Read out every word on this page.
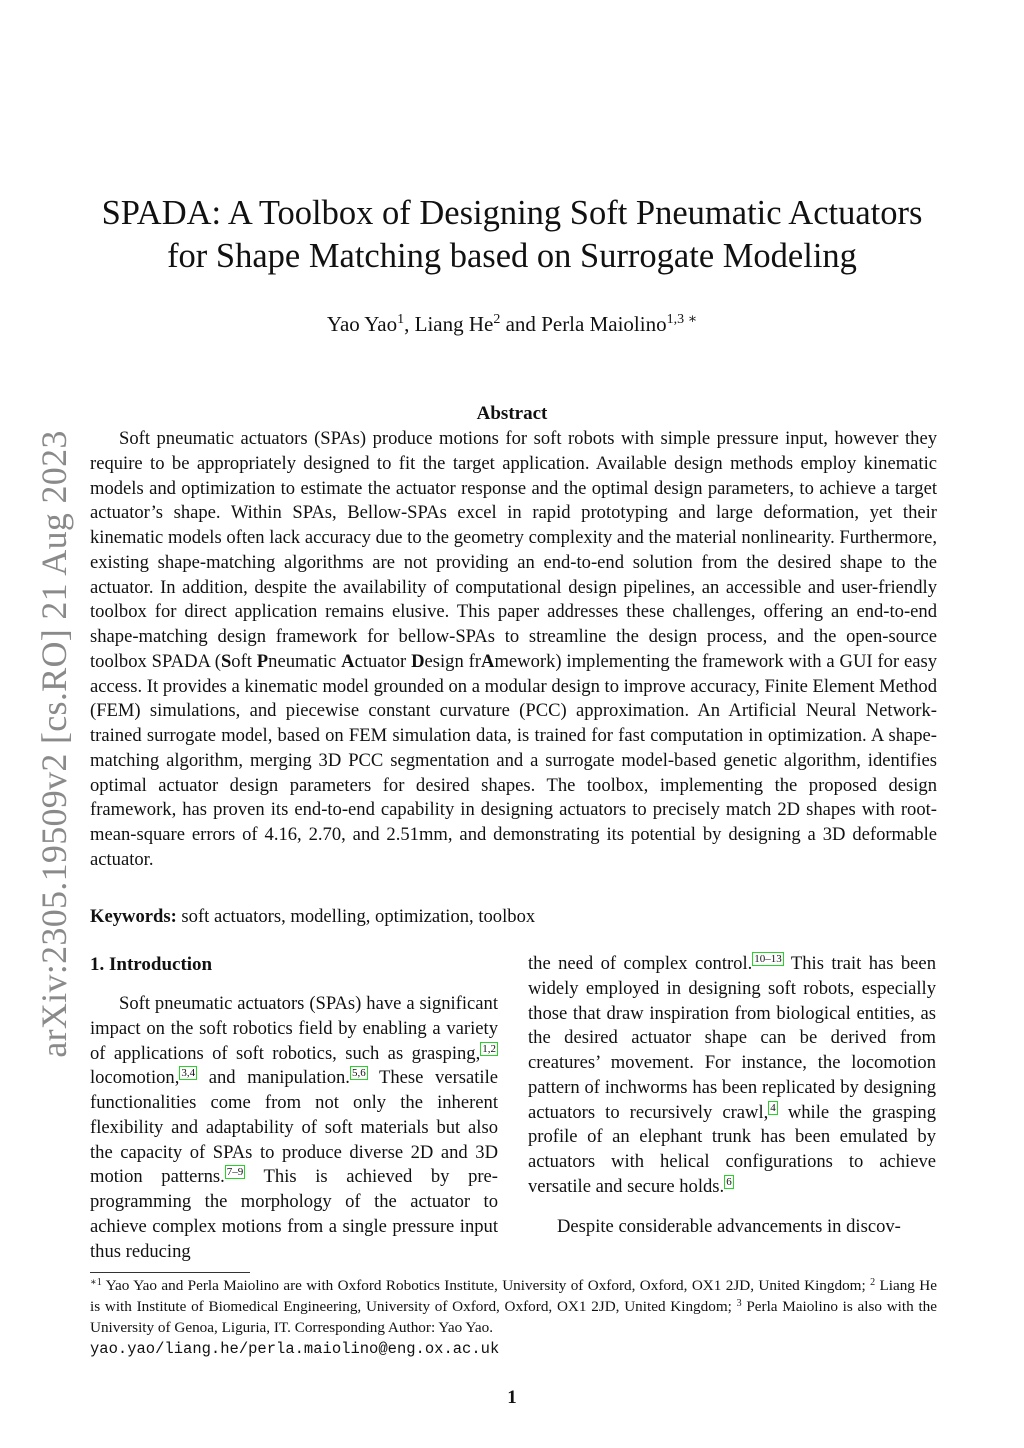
arXiv:2305.19509v2 [cs.RO] 21 Aug 2023
SPADA: A Toolbox of Designing Soft Pneumatic Actuators
for Shape Matching based on Surrogate Modeling
Yao Yao$^1$, Liang He$^2$ and Perla Maiolino$^{1,3}$ ∗
Abstract

Soft pneumatic actuators (SPAs) produce motions for soft robots with simple pressure input, however they require to be appropriately designed to fit the target application. Available design methods employ kinematic models and optimization to estimate the actuator response and the optimal design parameters, to achieve a target actuator’s shape. Within SPAs, Bellow-SPAs excel in rapid prototyping and large deformation, yet their kinematic models often lack accuracy due to the geometry complexity and the material nonlinearity. Furthermore, existing shape-matching algorithms are not providing an end-to-end solution from the desired shape to the actuator. In addition, despite the availability of computational design pipelines, an accessible and user-friendly toolbox for direct application remains elusive. This paper addresses these challenges, offering an end-to-end shape-matching design framework for bellow-SPAs to streamline the design process, and the open-source toolbox SPADA (Soft Pneumatic Actuator Design frAmework) implementing the framework with a GUI for easy access. It provides a kinematic model grounded on a modular design to improve accuracy, Finite Element Method (FEM) simulations, and piecewise constant curvature (PCC) approximation. An Artificial Neural Network-trained surrogate model, based on FEM simulation data, is trained for fast computation in optimization. A shape-matching algorithm, merging 3D PCC segmentation and a surrogate model-based genetic algorithm, identifies optimal actuator design parameters for desired shapes. The toolbox, implementing the proposed design framework, has proven its end-to-end capability in designing actuators to precisely match 2D shapes with root-mean-square errors of 4.16, 2.70, and 2.51mm, and demonstrating its potential by designing a 3D deformable actuator.

Keywords: soft actuators, modelling, optimization, toolbox
1. Introduction

Soft pneumatic actuators (SPAs) have a significant impact on the soft robotics field by enabling a variety of applications of soft robotics, such as grasping, 1,2 locomotion, 3,4 and manipulation. 5,6 These versatile functionalities come from not only the inherent flexibility and adaptability of soft materials but also the capacity of SPAs to produce diverse 2D and 3D motion patterns. 7–9 This is achieved by pre-programming the morphology of the actuator to achieve complex motions from a single pressure input thus reducing

the need of complex control. 10–13 This trait has been widely employed in designing soft robots, especially those that draw inspiration from biological entities, as the desired actuator shape can be derived from creatures’ movement. For instance, the locomotion pattern of inchworms has been replicated by designing actuators to recursively crawl, 4 while the grasping profile of an elephant trunk has been emulated by actuators with helical configurations to achieve versatile and secure holds. 6

Despite considerable advancements in discov-

$^{∗1}$ Yao Yao and Perla Maiolino are with Oxford Robotics Institute, University of Oxford, Oxford, OX1 2JD, United Kingdom; $^2$ Liang He is with Institute of Biomedical Engineering, University of Oxford, Oxford, OX1 2JD, United Kingdom; $^3$ Perla Maiolino is also with the University of Genoa, Liguria, IT. Corresponding Author: Yao Yao.
yao.yao/liang.he/perla.maiolino@eng.ox.ac.uk

1
